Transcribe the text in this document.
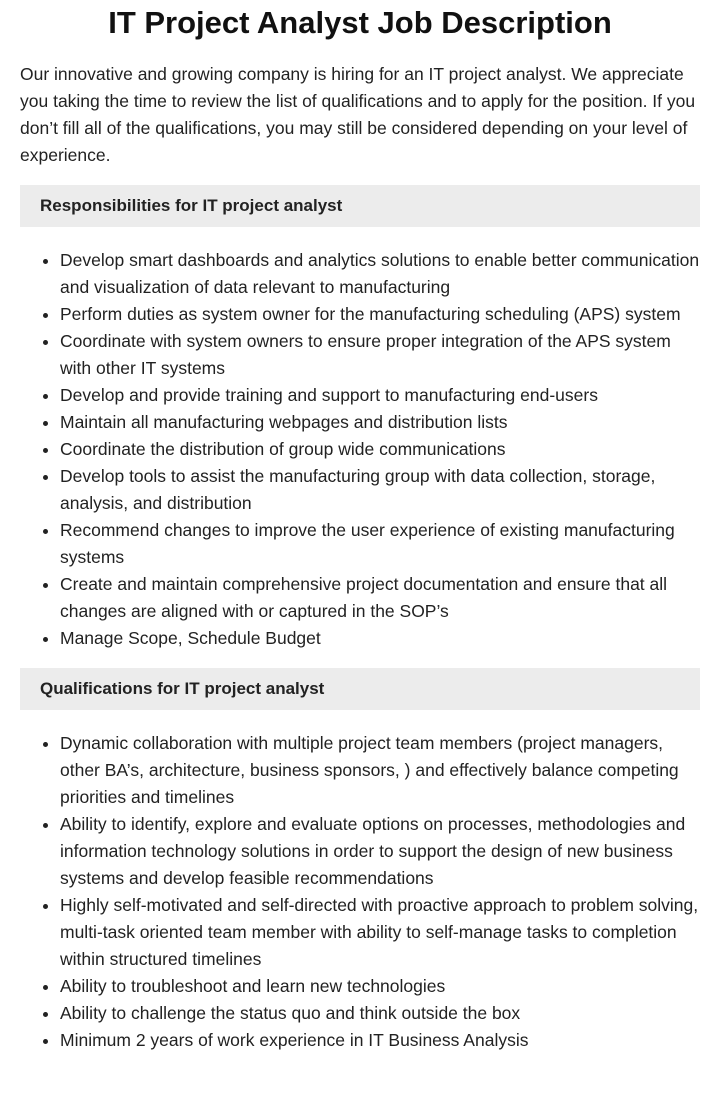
IT Project Analyst Job Description

Our innovative and growing company is hiring for an IT project analyst. We appreciate you taking the time to review the list of qualifications and to apply for the position. If you don’t fill all of the qualifications, you may still be considered depending on your level of experience.

Responsibilities for IT project analyst
• Develop smart dashboards and analytics solutions to enable better communication and visualization of data relevant to manufacturing
• Perform duties as system owner for the manufacturing scheduling (APS) system
• Coordinate with system owners to ensure proper integration of the APS system with other IT systems
• Develop and provide training and support to manufacturing end-users
• Maintain all manufacturing webpages and distribution lists
• Coordinate the distribution of group wide communications
• Develop tools to assist the manufacturing group with data collection, storage, analysis, and distribution
• Recommend changes to improve the user experience of existing manufacturing systems
• Create and maintain comprehensive project documentation and ensure that all changes are aligned with or captured in the SOP’s
• Manage Scope, Schedule Budget
Qualifications for IT project analyst
• Dynamic collaboration with multiple project team members (project managers, other BA’s, architecture, business sponsors, ) and effectively balance competing priorities and timelines
• Ability to identify, explore and evaluate options on processes, methodologies and information technology solutions in order to support the design of new business systems and develop feasible recommendations
• Highly self-motivated and self-directed with proactive approach to problem solving, multi-task oriented team member with ability to self-manage tasks to completion within structured timelines
• Ability to troubleshoot and learn new technologies
• Ability to challenge the status quo and think outside the box
• Minimum 2 years of work experience in IT Business Analysis
